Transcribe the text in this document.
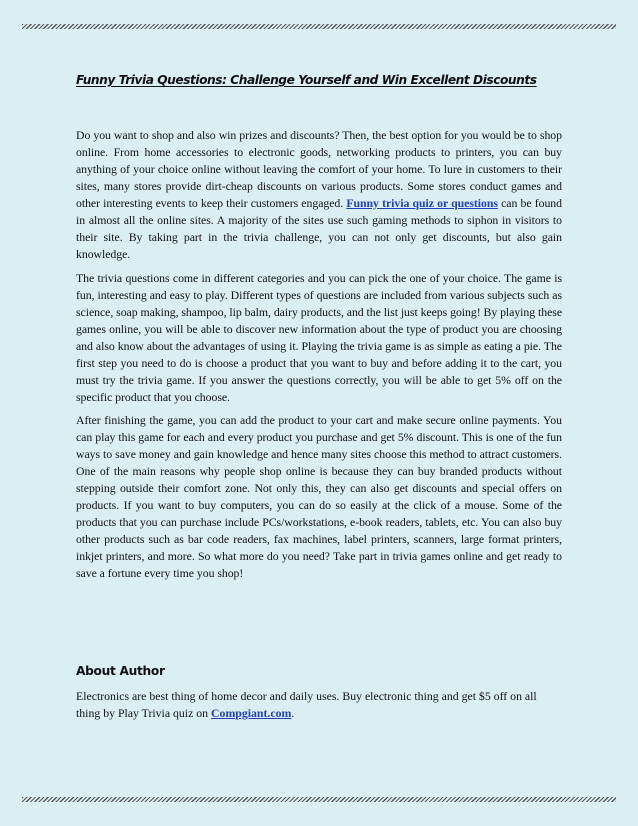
Funny Trivia Questions: Challenge Yourself and Win Excellent Discounts

Do you want to shop and also win prizes and discounts? Then, the best option for you would be to shop online. From home accessories to electronic goods, networking products to printers, you can buy anything of your choice online without leaving the comfort of your home. To lure in customers to their sites, many stores provide dirt-cheap discounts on various products. Some stores conduct games and other interesting events to keep their customers engaged. Funny trivia quiz or questions can be found in almost all the online sites. A majority of the sites use such gaming methods to siphon in visitors to their site. By taking part in the trivia challenge, you can not only get discounts, but also gain knowledge.

The trivia questions come in different categories and you can pick the one of your choice. The game is fun, interesting and easy to play. Different types of questions are included from various subjects such as science, soap making, shampoo, lip balm, dairy products, and the list just keeps going! By playing these games online, you will be able to discover new information about the type of product you are choosing and also know about the advantages of using it. Playing the trivia game is as simple as eating a pie. The first step you need to do is choose a product that you want to buy and before adding it to the cart, you must try the trivia game. If you answer the questions correctly, you will be able to get 5% off on the specific product that you choose.

After finishing the game, you can add the product to your cart and make secure online payments. You can play this game for each and every product you purchase and get 5% discount. This is one of the fun ways to save money and gain knowledge and hence many sites choose this method to attract customers. One of the main reasons why people shop online is because they can buy branded products without stepping outside their comfort zone. Not only this, they can also get discounts and special offers on products. If you want to buy computers, you can do so easily at the click of a mouse. Some of the products that you can purchase include PCs/workstations, e-book readers, tablets, etc. You can also buy other products such as bar code readers, fax machines, label printers, scanners, large format printers, inkjet printers, and more. So what more do you need? Take part in trivia games online and get ready to save a fortune every time you shop!

About Author

Electronics are best thing of home decor and daily uses. Buy electronic thing and get $5 off on all thing by Play Trivia quiz on Compgiant.com.
